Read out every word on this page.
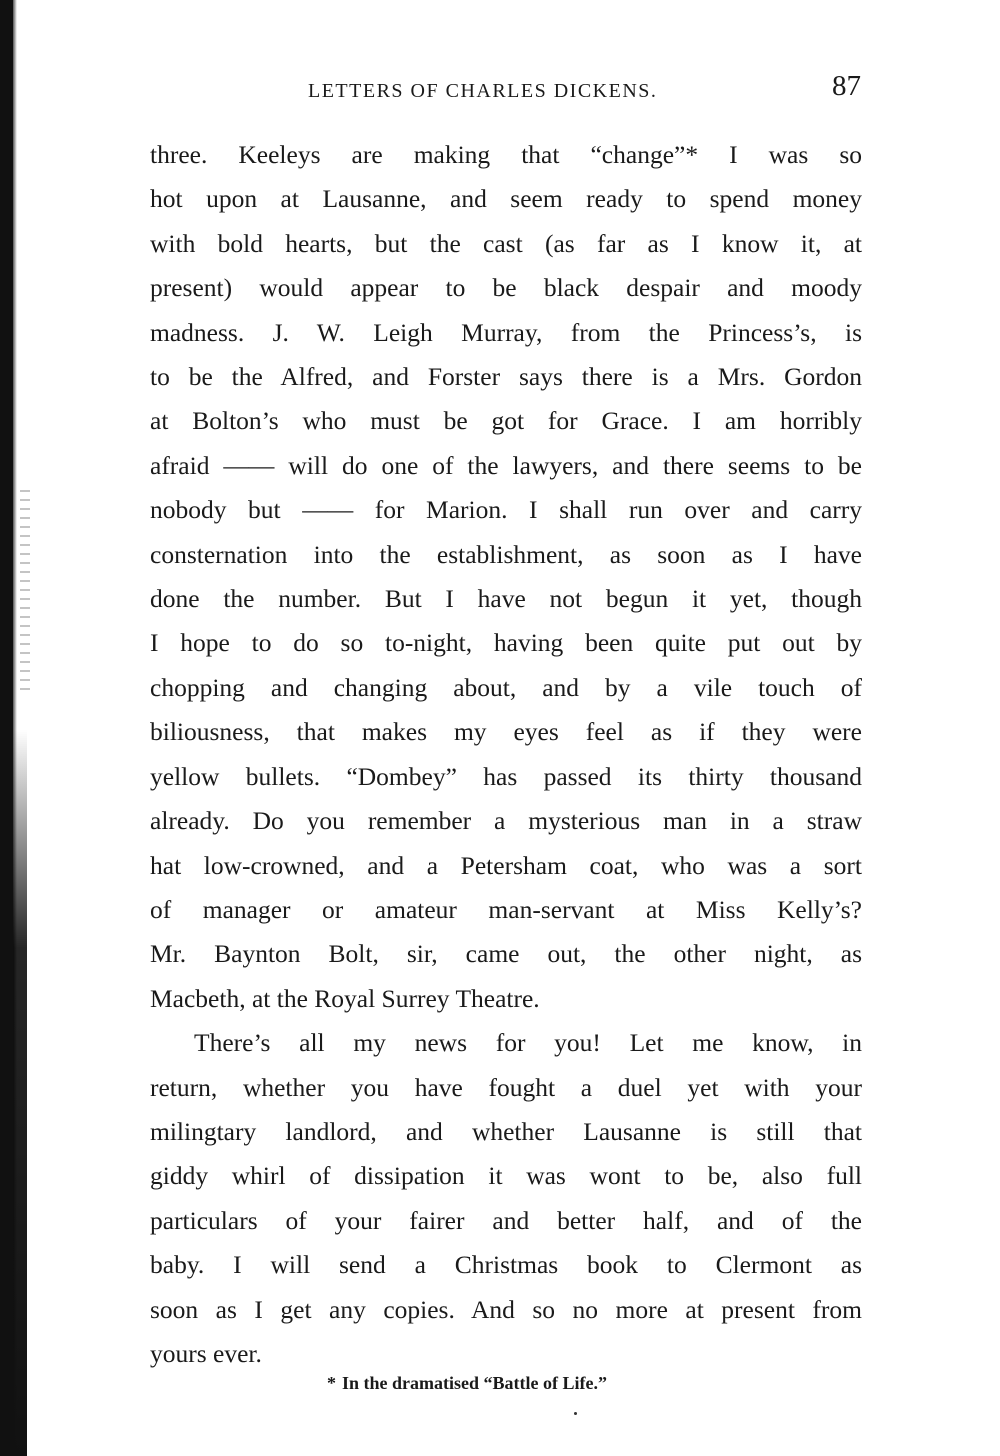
LETTERS OF CHARLES DICKENS.	87
three. Keeleys are making that “change”* I was so
hot upon at Lausanne, and seem ready to spend money
with bold hearts, but the cast (as far as I know it, at
present) would appear to be black despair and moody
madness. J. W. Leigh Murray, from the Princess’s, is
to be the Alfred, and Forster says there is a Mrs. Gordon
at Bolton’s who must be got for Grace. I am horribly
afraid —— will do one of the lawyers, and there seems to be
nobody but —— for Marion. I shall run over and carry
consternation into the establishment, as soon as I have
done the number. But I have not begun it yet, though
I hope to do so to-night, having been quite put out by
chopping and changing about, and by a vile touch of
biliousness, that makes my eyes feel as if they were
yellow bullets. “Dombey” has passed its thirty thousand
already. Do you remember a mysterious man in a straw
hat low-crowned, and a Petersham coat, who was a sort
of manager or amateur man-servant at Miss Kelly’s?
Mr. Baynton Bolt, sir, came out, the other night, as
Macbeth, at the Royal Surrey Theatre.
There’s all my news for you! Let me know, in
return, whether you have fought a duel yet with your
milingtary landlord, and whether Lausanne is still that
giddy whirl of dissipation it was wont to be, also full
particulars of your fairer and better half, and of the
baby. I will send a Christmas book to Clermont as
soon as I get any copies. And so no more at present from
yours ever.
* In the dramatised “Battle of Life.”
